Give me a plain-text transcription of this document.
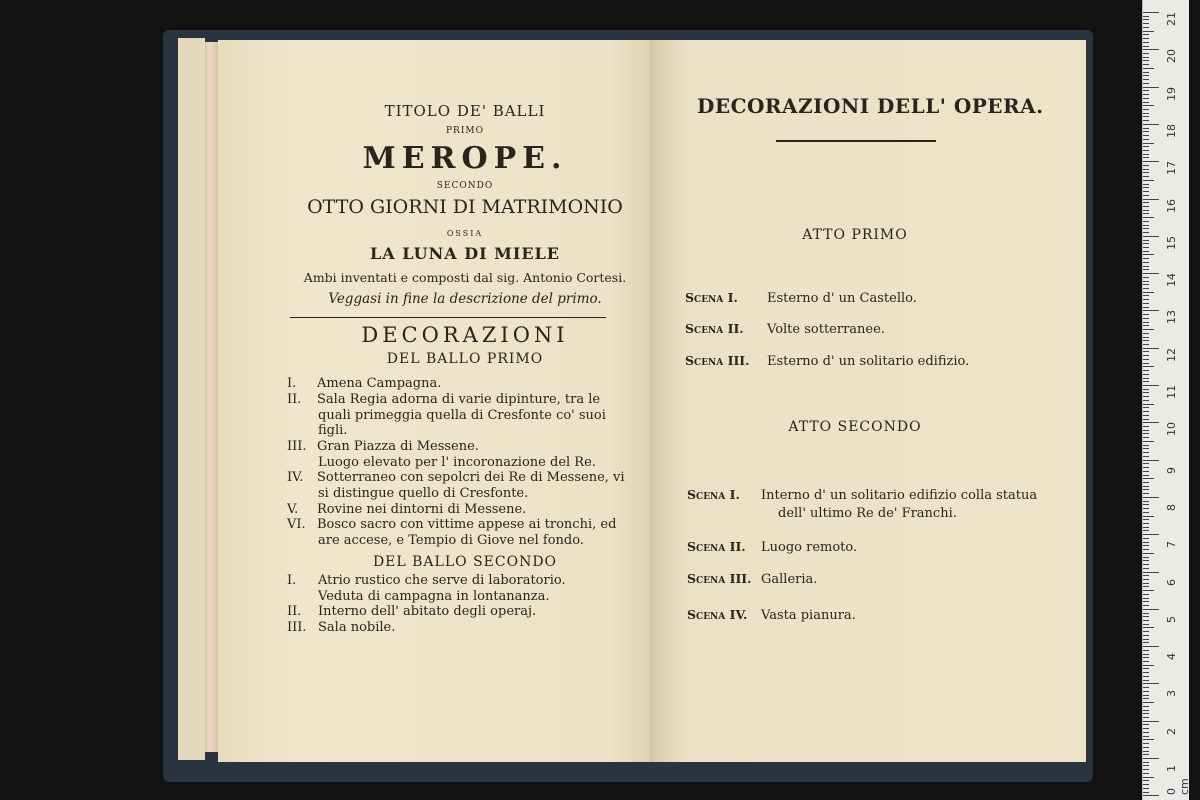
TITOLO DE' BALLI
PRIMO
MEROPE.
SECONDO
OTTO GIORNI DI MATRIMONIO
OSSIA
LA LUNA DI MIELE
Ambi inventati e composti dal sig. Antonio Cortesi.
Veggasi in fine la descrizione del primo.
DECORAZIONI
DEL BALLO PRIMO
I. Amena Campagna.
II. Sala Regia adorna di varie dipinture, tra le
quali primeggia quella di Cresfonte co' suoi
figli.
III. Gran Piazza di Messene.
Luogo elevato per l' incoronazione del Re.
IV. Sotterraneo con sepolcri dei Re di Messene, vi
si distingue quello di Cresfonte.
V. Rovine nei dintorni di Messene.
VI. Bosco sacro con vittime appese ai tronchi, ed
are accese, e Tempio di Giove nel fondo.
DEL BALLO SECONDO
I. Atrio rustico che serve di laboratorio.
Veduta di campagna in lontananza.
II. Interno dell' abitato degli operaj.
III. Sala nobile.
DECORAZIONI DELL' OPERA.
ATTO PRIMO
Scena I. Esterno d' un Castello.
Scena II. Volte sotterranee.
Scena III. Esterno d' un solitario edifizio.
ATTO SECONDO
Scena I. Interno d' un solitario edifizio colla statua
dell' ultimo Re de' Franchi.
Scena II. Luogo remoto.
Scena III. Galleria.
Scena IV. Vasta pianura.
0 cm
21
20
19
18
17
16
15
14
13
12
11
10
9
8
7
6
5
4
3
2
1
